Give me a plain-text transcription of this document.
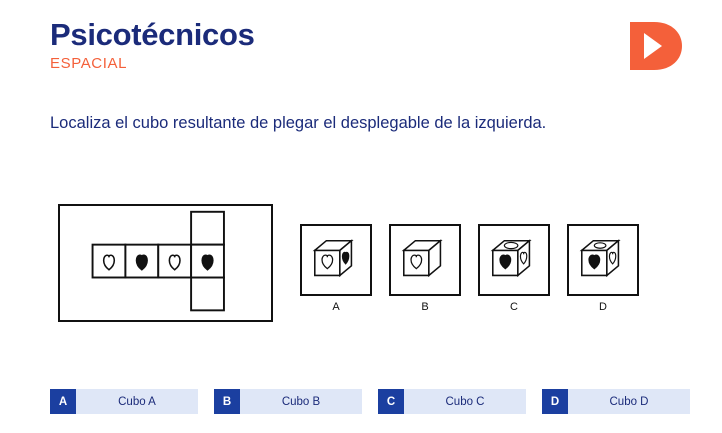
Psicotécnicos
ESPACIAL
Localiza el cubo resultante de plegar el desplegable de la izquierda.
A	B	C	D
A	Cubo A	B	Cubo B	C	Cubo C	D	Cubo D
